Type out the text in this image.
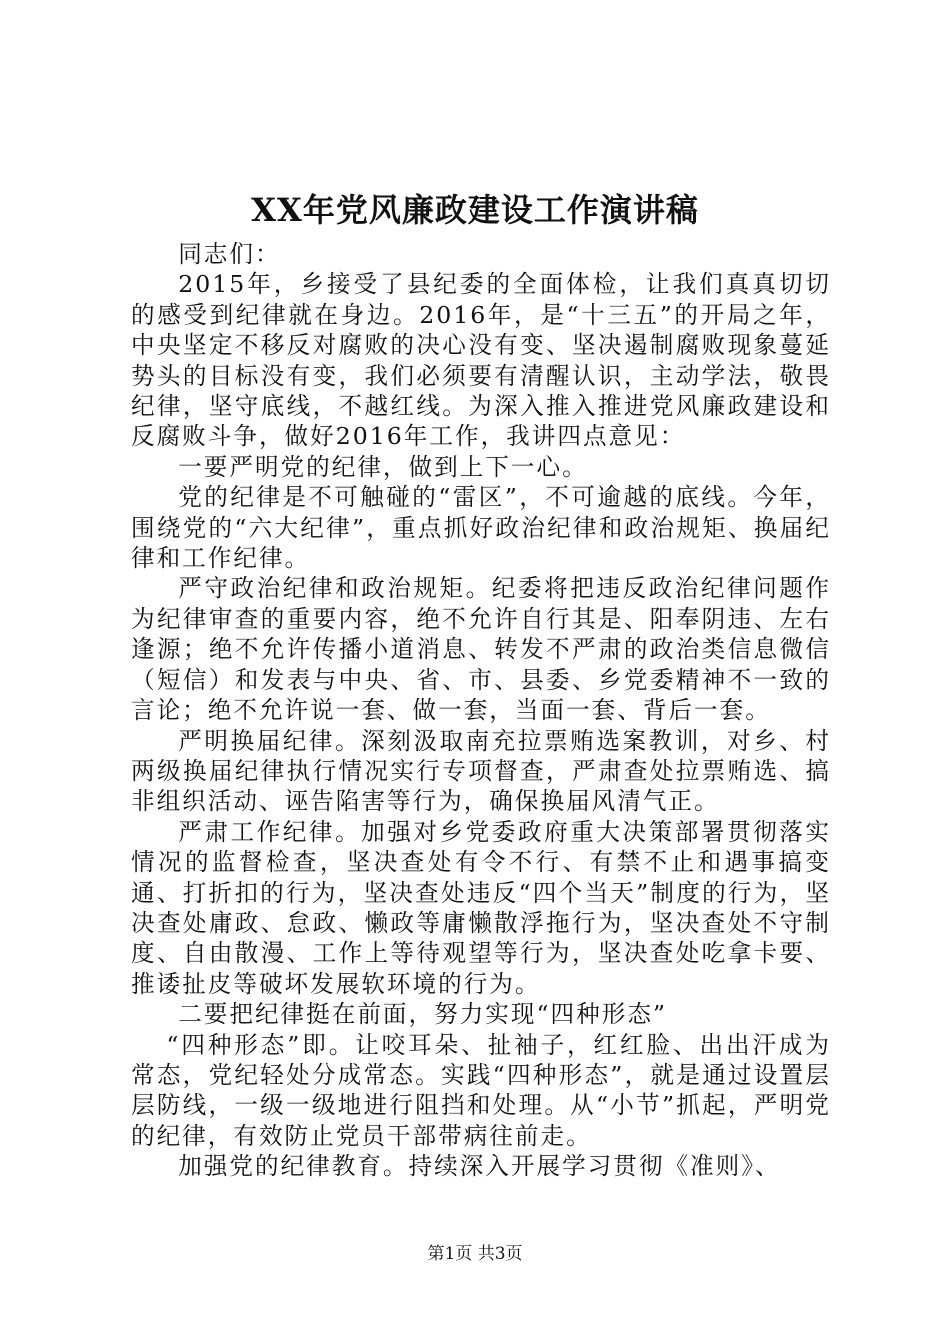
XX年党风廉政建设工作演讲稿

同志们：

2015年，乡接受了县纪委的全面体检，让我们真真切切的感受到纪律就在身边。2016年，是“十三五”的开局之年，中央坚定不移反对腐败的决心没有变、坚决遏制腐败现象蔓延势头的目标没有变，我们必须要有清醒认识，主动学法，敬畏纪律，坚守底线，不越红线。为深入推入推进党风廉政建设和反腐败斗争，做好2016年工作，我讲四点意见：

一要严明党的纪律，做到上下一心。

党的纪律是不可触碰的“雷区”，不可逾越的底线。今年，围绕党的“六大纪律”，重点抓好政治纪律和政治规矩、换届纪律和工作纪律。

严守政治纪律和政治规矩。纪委将把违反政治纪律问题作为纪律审查的重要内容，绝不允许自行其是、阳奉阴违、左右逢源；绝不允许传播小道消息、转发不严肃的政治类信息微信（短信）和发表与中央、省、市、县委、乡党委精神不一致的言论；绝不允许说一套、做一套，当面一套、背后一套。

严明换届纪律。深刻汲取南充拉票贿选案教训，对乡、村两级换届纪律执行情况实行专项督查，严肃查处拉票贿选、搞非组织活动、诬告陷害等行为，确保换届风清气正。

严肃工作纪律。加强对乡党委政府重大决策部署贯彻落实情况的监督检查，坚决查处有令不行、有禁不止和遇事搞变通、打折扣的行为，坚决查处违反“四个当天”制度的行为，坚决查处庸政、怠政、懒政等庸懒散浮拖行为，坚决查处不守制度、自由散漫、工作上等待观望等行为，坚决查处吃拿卡要、推诿扯皮等破坏发展软环境的行为。

二要把纪律挺在前面，努力实现“四种形态”

“四种形态”即。让咬耳朵、扯袖子，红红脸、出出汗成为常态，党纪轻处分成常态。实践“四种形态”，就是通过设置层层防线，一级一级地进行阻挡和处理。从“小节”抓起，严明党的纪律，有效防止党员干部带病往前走。

加强党的纪律教育。持续深入开展学习贯彻《准则》、

第1页 共3页
